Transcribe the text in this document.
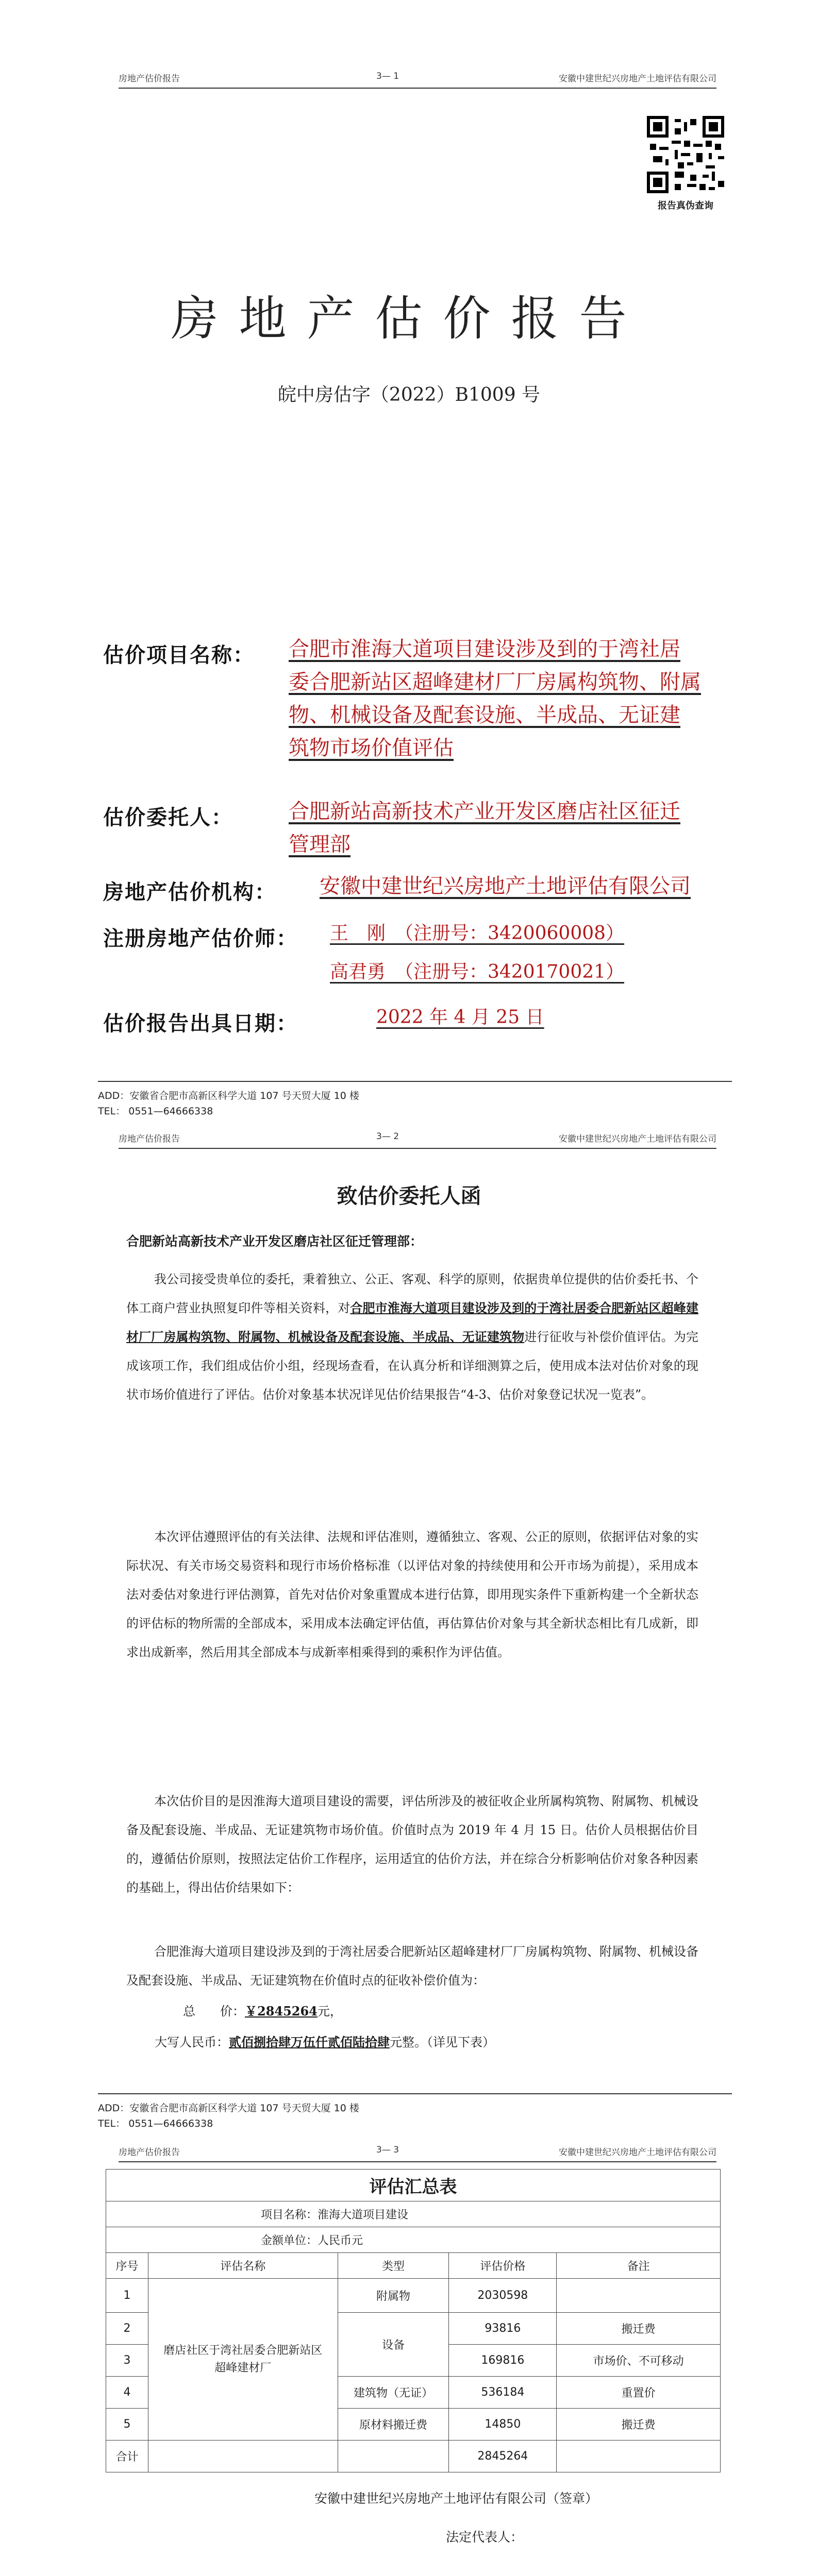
房地产估价报告	3— 1	安徽中建世纪兴房地产土地评估有限公司
报告真伪查询
房地产估价报告
皖中房估字（2022）B1009 号
估价项目名称： 合肥市淮海大道项目建设涉及到的于湾社居
委合肥新站区超峰建材厂厂房属构筑物、附属
物、机械设备及配套设施、半成品、无证建
筑物市场价值评估
估价委托人：	合肥新站高新技术产业开发区磨店社区征迁
管理部
房地产估价机构： 安徽中建世纪兴房地产土地评估有限公司
注册房地产估价师： 王　刚　（注册号：3420060008）
高君勇　（注册号：3420170021）
估价报告出具日期：	2022 年 4 月 25 日
ADD：安徽省合肥市高新区科学大道 107 号天贸大厦 10 楼
TEL： 0551—64666338
房地产估价报告	3— 2	安徽中建世纪兴房地产土地评估有限公司
致估价委托人函
合肥新站高新技术产业开发区磨店社区征迁管理部：
我公司接受贵单位的委托，秉着独立、公正、客观、科学的原则，依据贵单位提供的估价委托书、个体工商户营业执照复印件等相关资料，对合肥市淮海大道项目建设涉及到的于湾社居委合肥新站区超峰建材厂厂房属构筑物、附属物、机械设备及配套设施、半成品、无证建筑物进行征收与补偿价值评估。为完成该项工作，我们组成估价小组，经现场查看，在认真分析和详细测算之后，使用成本法对估价对象的现状市场价值进行了评估。估价对象基本状况详见估价结果报告“4-3、估价对象登记状况一览表”。
本次评估遵照评估的有关法律、法规和评估准则，遵循独立、客观、公正的原则，依据评估对象的实际状况、有关市场交易资料和现行市场价格标准（以评估对象的持续使用和公开市场为前提），采用成本法对委估对象进行评估测算，首先对估价对象重置成本进行估算，即用现实条件下重新构建一个全新状态的评估标的物所需的全部成本，采用成本法确定评估值，再估算估价对象与其全新状态相比有几成新，即求出成新率，然后用其全部成本与成新率相乘得到的乘积作为评估值。
本次估价目的是因淮海大道项目建设的需要，评估所涉及的被征收企业所属构筑物、附属物、机械设备及配套设施、半成品、无证建筑物市场价值。价值时点为 2019 年 4 月 15 日。估价人员根据估价目的，遵循估价原则，按照法定估价工作程序，运用适宜的估价方法，并在综合分析影响估价对象各种因素的基础上，得出估价结果如下：
合肥淮海大道项目建设涉及到的于湾社居委合肥新站区超峰建材厂厂房属构筑物、附属物、机械设备及配套设施、半成品、无证建筑物在价值时点的征收补偿价值为：
总　　价：￥2845264元，
大写人民币：贰佰捌拾肆万伍仟贰佰陆拾肆元整。（详见下表）
ADD：安徽省合肥市高新区科学大道 107 号天贸大厦 10 楼
TEL： 0551—64666338
房地产估价报告	3— 3	安徽中建世纪兴房地产土地评估有限公司
评估汇总表				
项目名称：淮海大道项目建设				
金额单位：人民币元				
序号	评估名称	类型	评估价格	备注
1	磨店社区于湾社居委合肥新站区超峰建材厂	附属物	2030598	
2		设备	93816	搬迁费
3			169816	市场价、不可移动
4		建筑物（无证）	536184	重置价
5		原材料搬迁费	14850	搬迁费
合计			2845264	
安徽中建世纪兴房地产土地评估有限公司（签章）
法定代表人：
